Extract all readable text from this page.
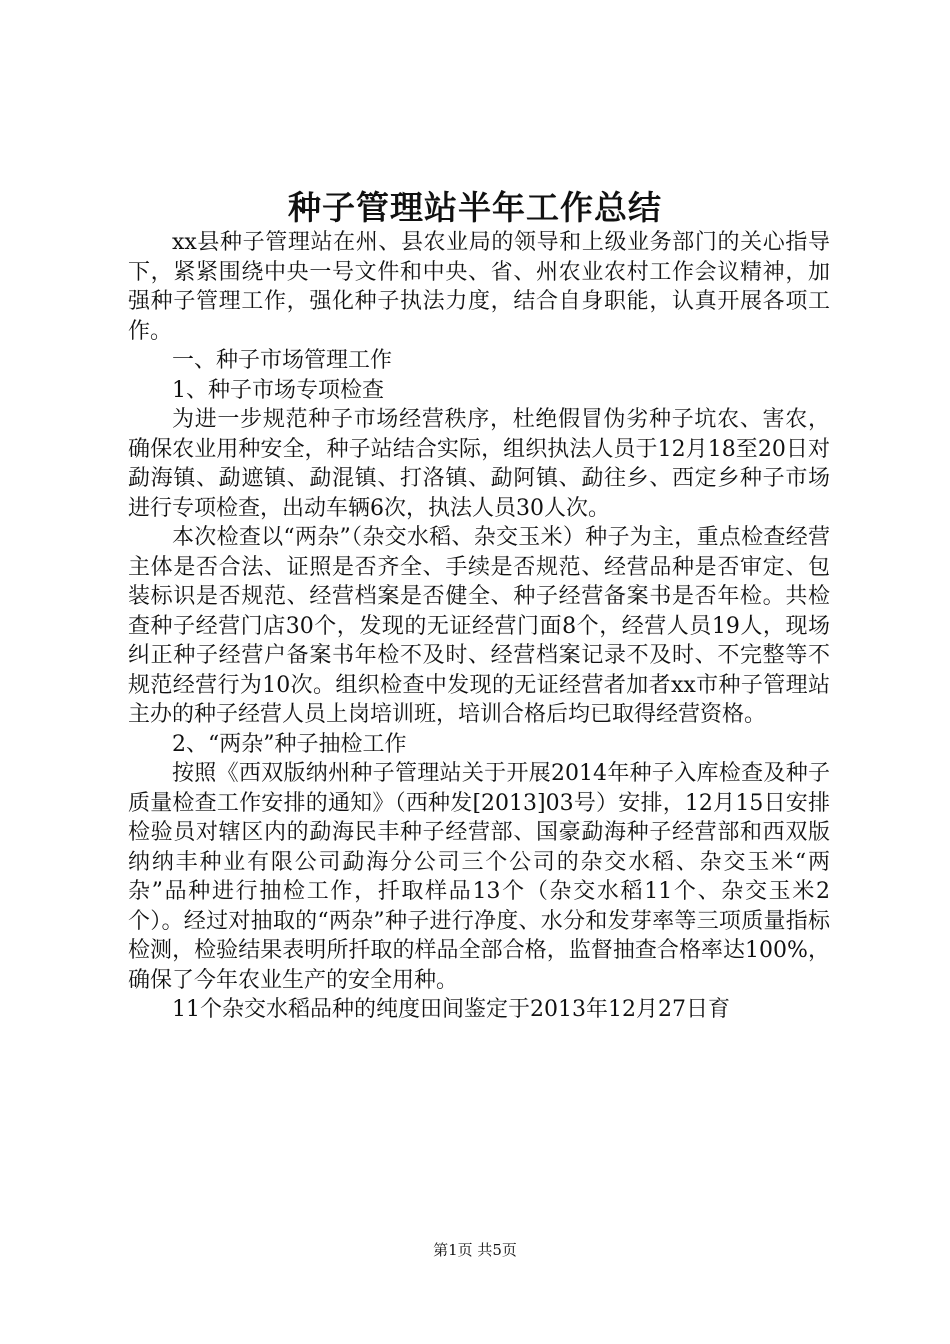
种子管理站半年工作总结

xx县种子管理站在州、县农业局的领导和上级业务部门的关心指导下，紧紧围绕中央一号文件和中央、省、州农业农村工作会议精神，加强种子管理工作，强化种子执法力度，结合自身职能，认真开展各项工作。

一、种子市场管理工作

1、种子市场专项检查

为进一步规范种子市场经营秩序，杜绝假冒伪劣种子坑农、害农，确保农业用种安全，种子站结合实际，组织执法人员于12月18至20日对勐海镇、勐遮镇、勐混镇、打洛镇、勐阿镇、勐往乡、西定乡种子市场进行专项检查，出动车辆6次，执法人员30人次。

本次检查以“两杂”（杂交水稻、杂交玉米）种子为主，重点检查经营主体是否合法、证照是否齐全、手续是否规范、经营品种是否审定、包装标识是否规范、经营档案是否健全、种子经营备案书是否年检。共检查种子经营门店30个，发现的无证经营门面8个，经营人员19人，现场纠正种子经营户备案书年检不及时、经营档案记录不及时、不完整等不规范经营行为10次。组织检查中发现的无证经营者加者xx市种子管理站主办的种子经营人员上岗培训班，培训合格后均已取得经营资格。

2、“两杂”种子抽检工作

按照《西双版纳州种子管理站关于开展2014年种子入库检查及种子质量检查工作安排的通知》（西种发[2013]03号）安排，12月15日安排检验员对辖区内的勐海民丰种子经营部、国豪勐海种子经营部和西双版纳纳丰种业有限公司勐海分公司三个公司的杂交水稻、杂交玉米“两杂”品种进行抽检工作，扦取样品13个（杂交水稻11个、杂交玉米2个）。经过对抽取的“两杂”种子进行净度、水分和发芽率等三项质量指标检测，检验结果表明所扦取的样品全部合格，监督抽查合格率达100%，确保了今年农业生产的安全用种。

11个杂交水稻品种的纯度田间鉴定于2013年12月27日育

第1页 共5页
